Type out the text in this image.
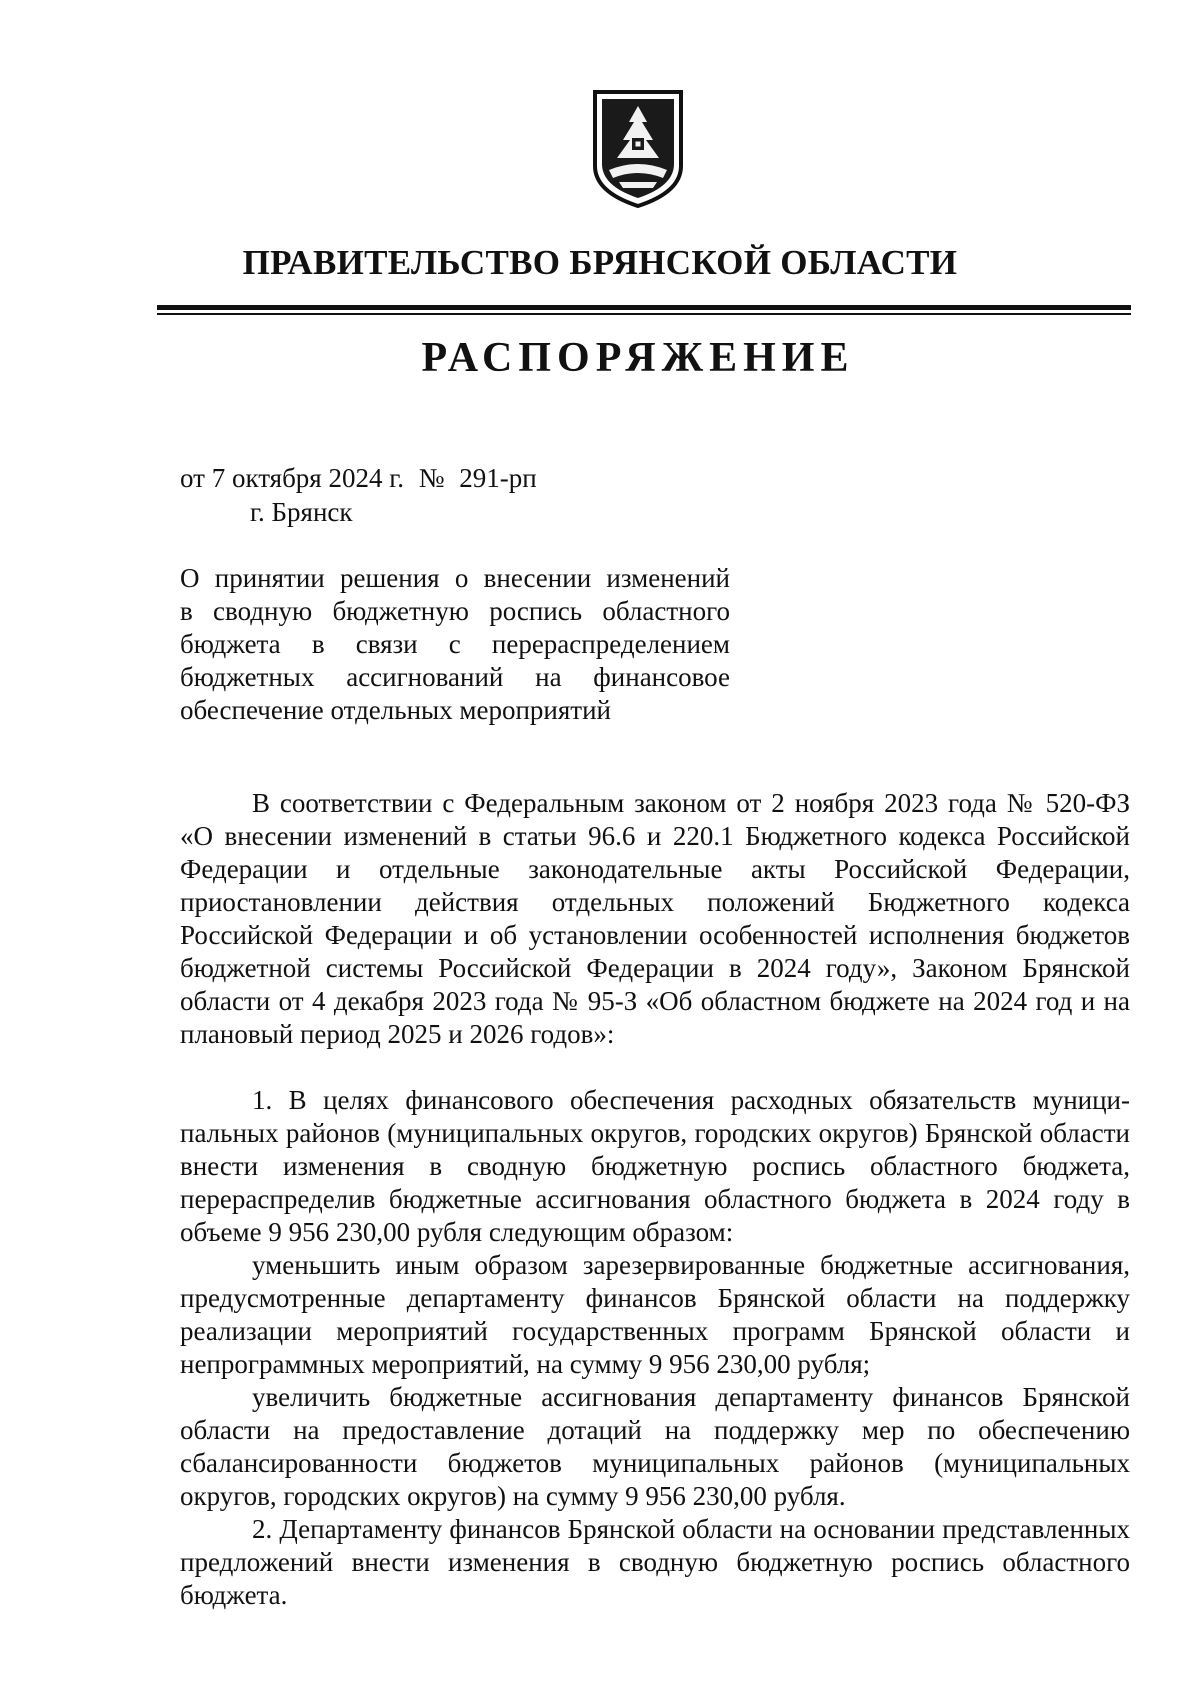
ПРАВИТЕЛЬСТВО БРЯНСКОЙ ОБЛАСТИ
РАСПОРЯЖЕНИЕ
от 7 октября 2024 г. № 291-рп
г. Брянск
О принятии решения о внесении изменений
в сводную бюджетную роспись областного
бюджета в связи с перераспределением
бюджетных ассигнований на финансовое
обеспечение отдельных мероприятий

В соответствии с Федеральным законом от 2 ноября 2023 года № 520-ФЗ «О внесении изменений в статьи 96.6 и 220.1 Бюджетного кодекса Российской Федерации и отдельные законодательные акты Российской Федерации, приостановлении действия отдельных положений Бюджетного кодекса Российской Федерации и об установлении особенностей исполнения бюджетов бюджетной системы Российской Федерации в 2024 году», Законом Брянской области от 4 декабря 2023 года № 95-З «Об областном бюджете на 2024 год и на плановый период 2025 и 2026 годов»:

1. В целях финансового обеспечения расходных обязательств муници-пальных районов (муниципальных округов, городских округов) Брянской области внести изменения в сводную бюджетную роспись областного бюджета, перераспределив бюджетные ассигнования областного бюджета в 2024 году в объеме 9 956 230,00 рубля следующим образом:

уменьшить иным образом зарезервированные бюджетные ассигнования, предусмотренные департаменту финансов Брянской области на поддержку реализации мероприятий государственных программ Брянской области и непрограммных мероприятий, на сумму 9 956 230,00 рубля;

увеличить бюджетные ассигнования департаменту финансов Брянской области на предоставление дотаций на поддержку мер по обеспечению сбалансированности бюджетов муниципальных районов (муниципальных округов, городских округов) на сумму 9 956 230,00 рубля.

2. Департаменту финансов Брянской области на основании представленных предложений внести изменения в сводную бюджетную роспись областного бюджета.
